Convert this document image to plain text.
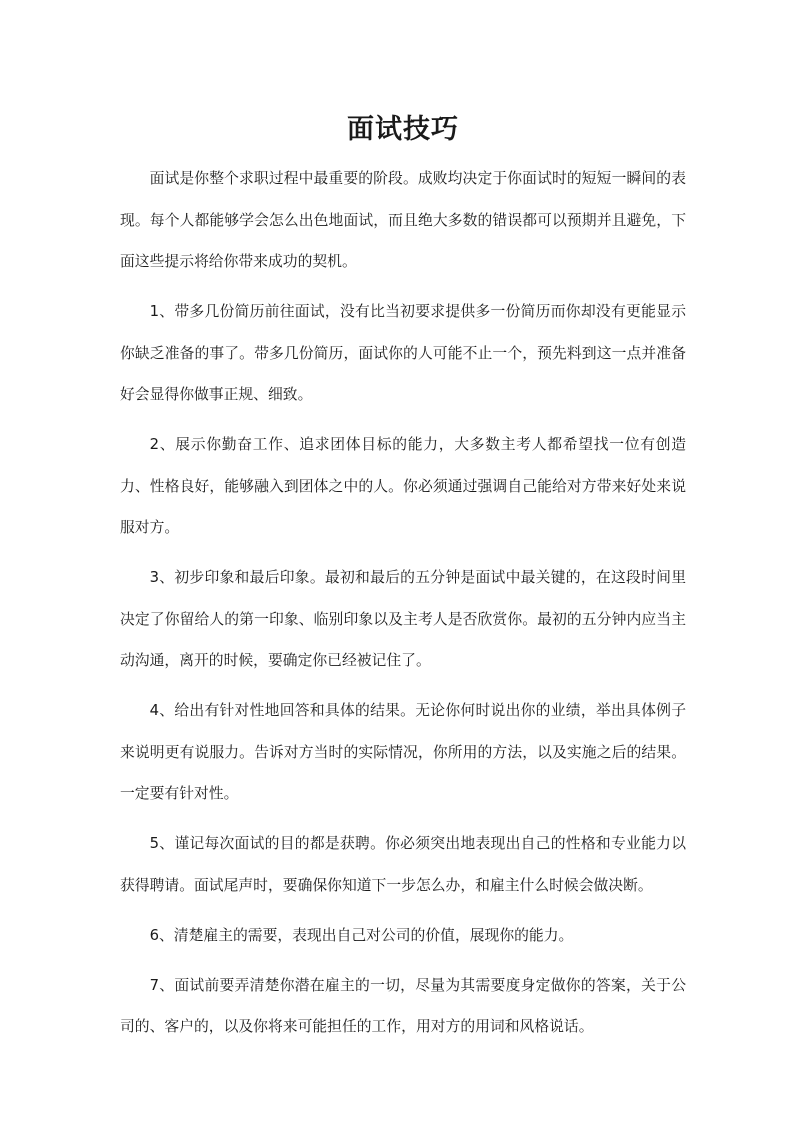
面试技巧

面试是你整个求职过程中最重要的阶段。成败均决定于你面试时的短短一瞬间的表现。每个人都能够学会怎么出色地面试，而且绝大多数的错误都可以预期并且避免，下面这些提示将给你带来成功的契机。

1、带多几份简历前往面试，没有比当初要求提供多一份简历而你却没有更能显示你缺乏准备的事了。带多几份简历，面试你的人可能不止一个，预先料到这一点并准备好会显得你做事正规、细致。

2、展示你勤奋工作、追求团体目标的能力，大多数主考人都希望找一位有创造力、性格良好，能够融入到团体之中的人。你必须通过强调自己能给对方带来好处来说服对方。

3、初步印象和最后印象。最初和最后的五分钟是面试中最关键的，在这段时间里决定了你留给人的第一印象、临别印象以及主考人是否欣赏你。最初的五分钟内应当主动沟通，离开的时候，要确定你已经被记住了。

4、给出有针对性地回答和具体的结果。无论你何时说出你的业绩，举出具体例子来说明更有说服力。告诉对方当时的实际情况，你所用的方法，以及实施之后的结果。一定要有针对性。

5、谨记每次面试的目的都是获聘。你必须突出地表现出自己的性格和专业能力以获得聘请。面试尾声时，要确保你知道下一步怎么办，和雇主什么时候会做决断。

6、清楚雇主的需要，表现出自己对公司的价值，展现你的能力。

7、面试前要弄清楚你潜在雇主的一切，尽量为其需要度身定做你的答案，关于公司的、客户的，以及你将来可能担任的工作，用对方的用词和风格说话。
